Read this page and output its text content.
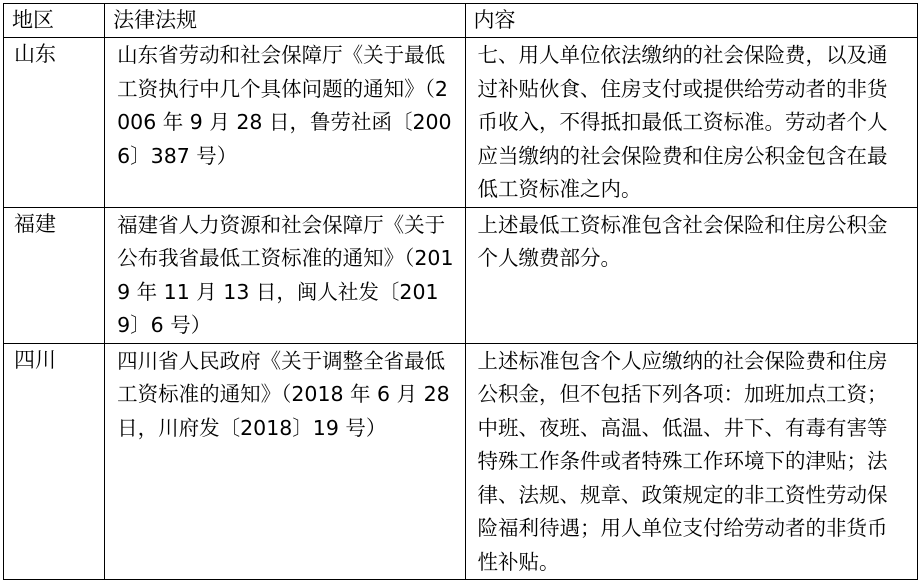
地区	法律法规	内容
山东	山东省劳动和社会保障厅《关于最低工资执行中几个具体问题的通知》（2006 年 9 月 28 日，鲁劳社函〔2006〕387 号）	七、用人单位依法缴纳的社会保险费，以及通过补贴伙食、住房支付或提供给劳动者的非货币收入，不得抵扣最低工资标准。劳动者个人应当缴纳的社会保险费和住房公积金包含在最低工资标准之内。
福建	福建省人力资源和社会保障厅《关于公布我省最低工资标准的通知》（2019 年 11 月 13 日，闽人社发〔2019〕6 号）	上述最低工资标准包含社会保险和住房公积金个人缴费部分。
四川	四川省人民政府《关于调整全省最低工资标准的通知》（2018 年 6 月 28 日，川府发〔2018〕19 号）	上述标准包含个人应缴纳的社会保险费和住房公积金，但不包括下列各项：加班加点工资；中班、夜班、高温、低温、井下、有毒有害等特殊工作条件或者特殊工作环境下的津贴；法律、法规、规章、政策规定的非工资性劳动保险福利待遇；用人单位支付给劳动者的非货币性补贴。
